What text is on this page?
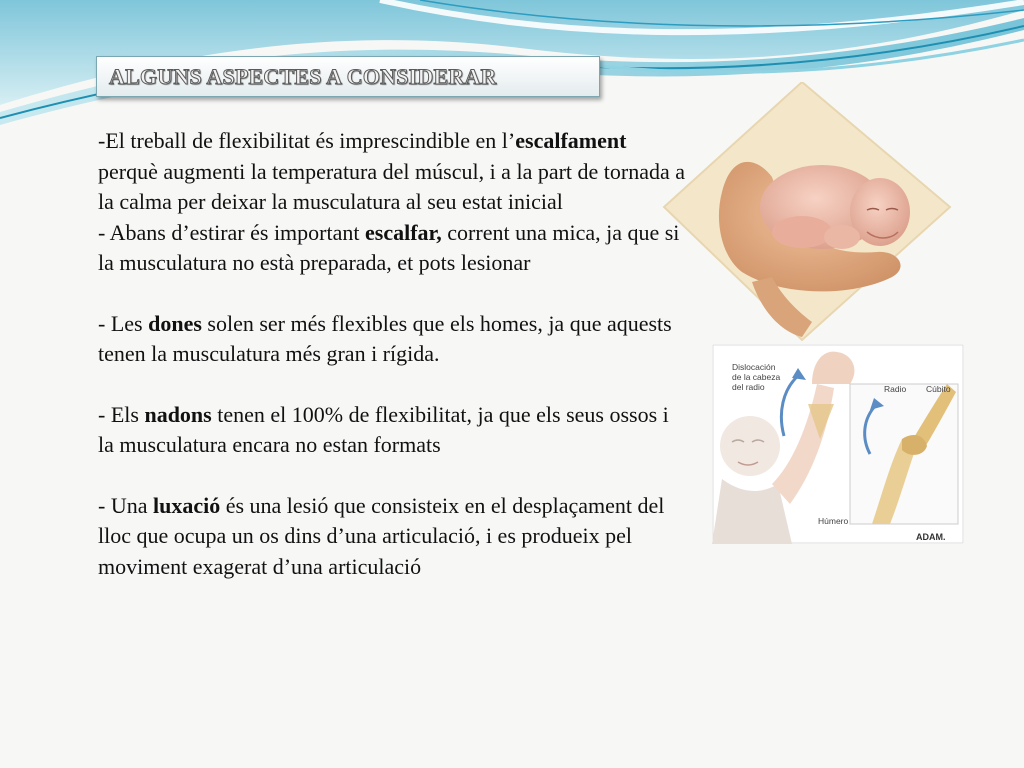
ALGUNS ASPECTES A CONSIDERAR

-El treball de flexibilitat és imprescindible en l’escalfament perquè augmenti la temperatura del múscul, i a la part de tornada a la calma per deixar la musculatura al seu estat inicial

- Abans d’estirar és important escalfar, corrent una mica, ja que si la musculatura no està preparada, et pots lesionar

- Les dones solen ser més flexibles que els homes, ja que aquests tenen la musculatura més gran i rígida.

- Els nadons tenen el 100% de flexibilitat, ja que els seus ossos i la musculatura encara no estan formats

- Una luxació és una lesió que consisteix en el desplaçament del lloc que ocupa un os dins d’una articulació, i es produeix pel moviment exagerat d’una articulació

Dislocación de la cabeza del radio	Radio Cúbito
Húmero
ADAM.
